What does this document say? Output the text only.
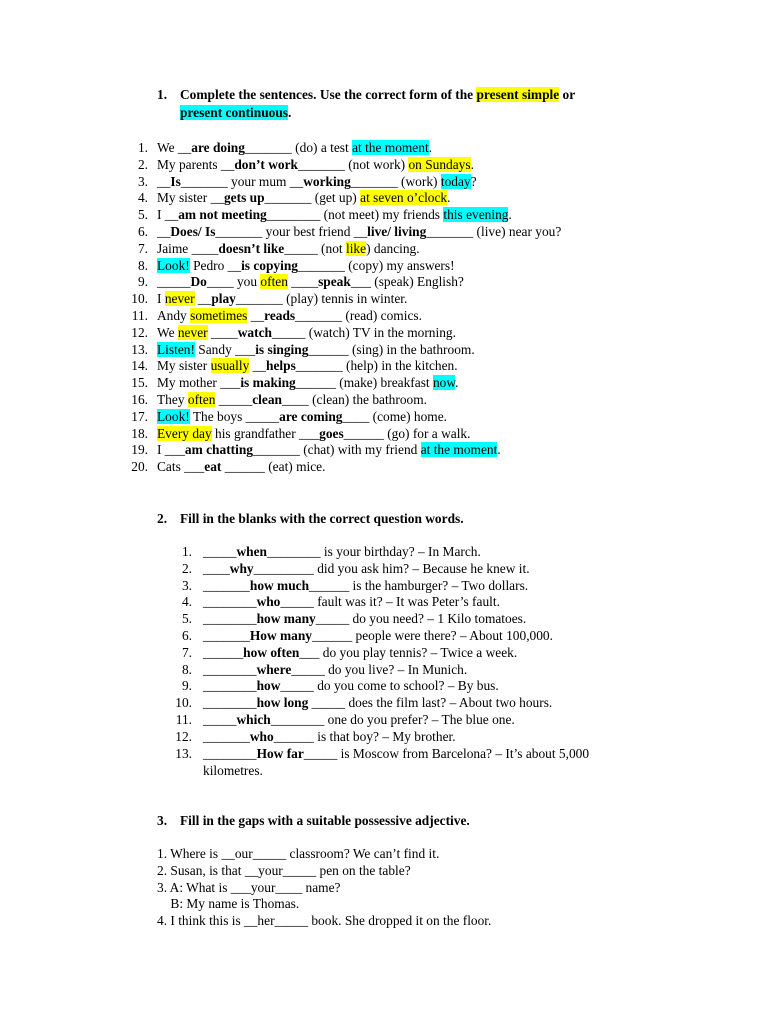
1. Complete the sentences. Use the correct form of the present simple or
present continuous.
1. We __are doing_______ (do) a test at the moment.
2. My parents __don’t work_______ (not work) on Sundays.
3. __Is_______ your mum __working_______ (work) today?
4. My sister __gets up_______ (get up) at seven o’clock.
5. I __am not meeting________ (not meet) my friends this evening.
6. __Does/ Is_______ your best friend __live/ living_______ (live) near you?
7. Jaime ____doesn’t like_____ (not like) dancing.
8. Look! Pedro __is copying_______ (copy) my answers!
9. _____Do____ you often ____speak___ (speak) English?
10. I never __play_______ (play) tennis in winter.
11. Andy sometimes __reads_______ (read) comics.
12. We never ____watch_____ (watch) TV in the morning.
13. Listen! Sandy ___is singing______ (sing) in the bathroom.
14. My sister usually __helps_______ (help) in the kitchen.
15. My mother ___is making______ (make) breakfast now.
16. They often _____clean____ (clean) the bathroom.
17. Look! The boys _____are coming____ (come) home.
18. Every day his grandfather ___goes______ (go) for a walk.
19. I ___am chatting_______ (chat) with my friend at the moment.
20. Cats ___eat ______ (eat) mice.
2. Fill in the blanks with the correct question words.
1. _____when________ is your birthday? – In March.
2. ____why_________ did you ask him? – Because he knew it.
3. _______how much______ is the hamburger? – Two dollars.
4. ________who_____ fault was it? – It was Peter’s fault.
5. ________how many_____ do you need? – 1 Kilo tomatoes.
6. _______How many______ people were there? – About 100,000.
7. ______how often___ do you play tennis? – Twice a week.
8. ________where_____ do you live? – In Munich.
9. ________how_____ do you come to school? – By bus.
10. ________how long _____ does the film last? – About two hours.
11. _____which________ one do you prefer? – The blue one.
12. _______who______ is that boy? – My brother.
13. ________How far_____ is Moscow from Barcelona? – It’s about 5,000
kilometres.
3. Fill in the gaps with a suitable possessive adjective.
1. Where is __our_____ classroom? We can’t find it.
2. Susan, is that __your_____ pen on the table?
3. A: What is ___your____ name?
B: My name is Thomas.
4. I think this is __her_____ book. She dropped it on the floor.
